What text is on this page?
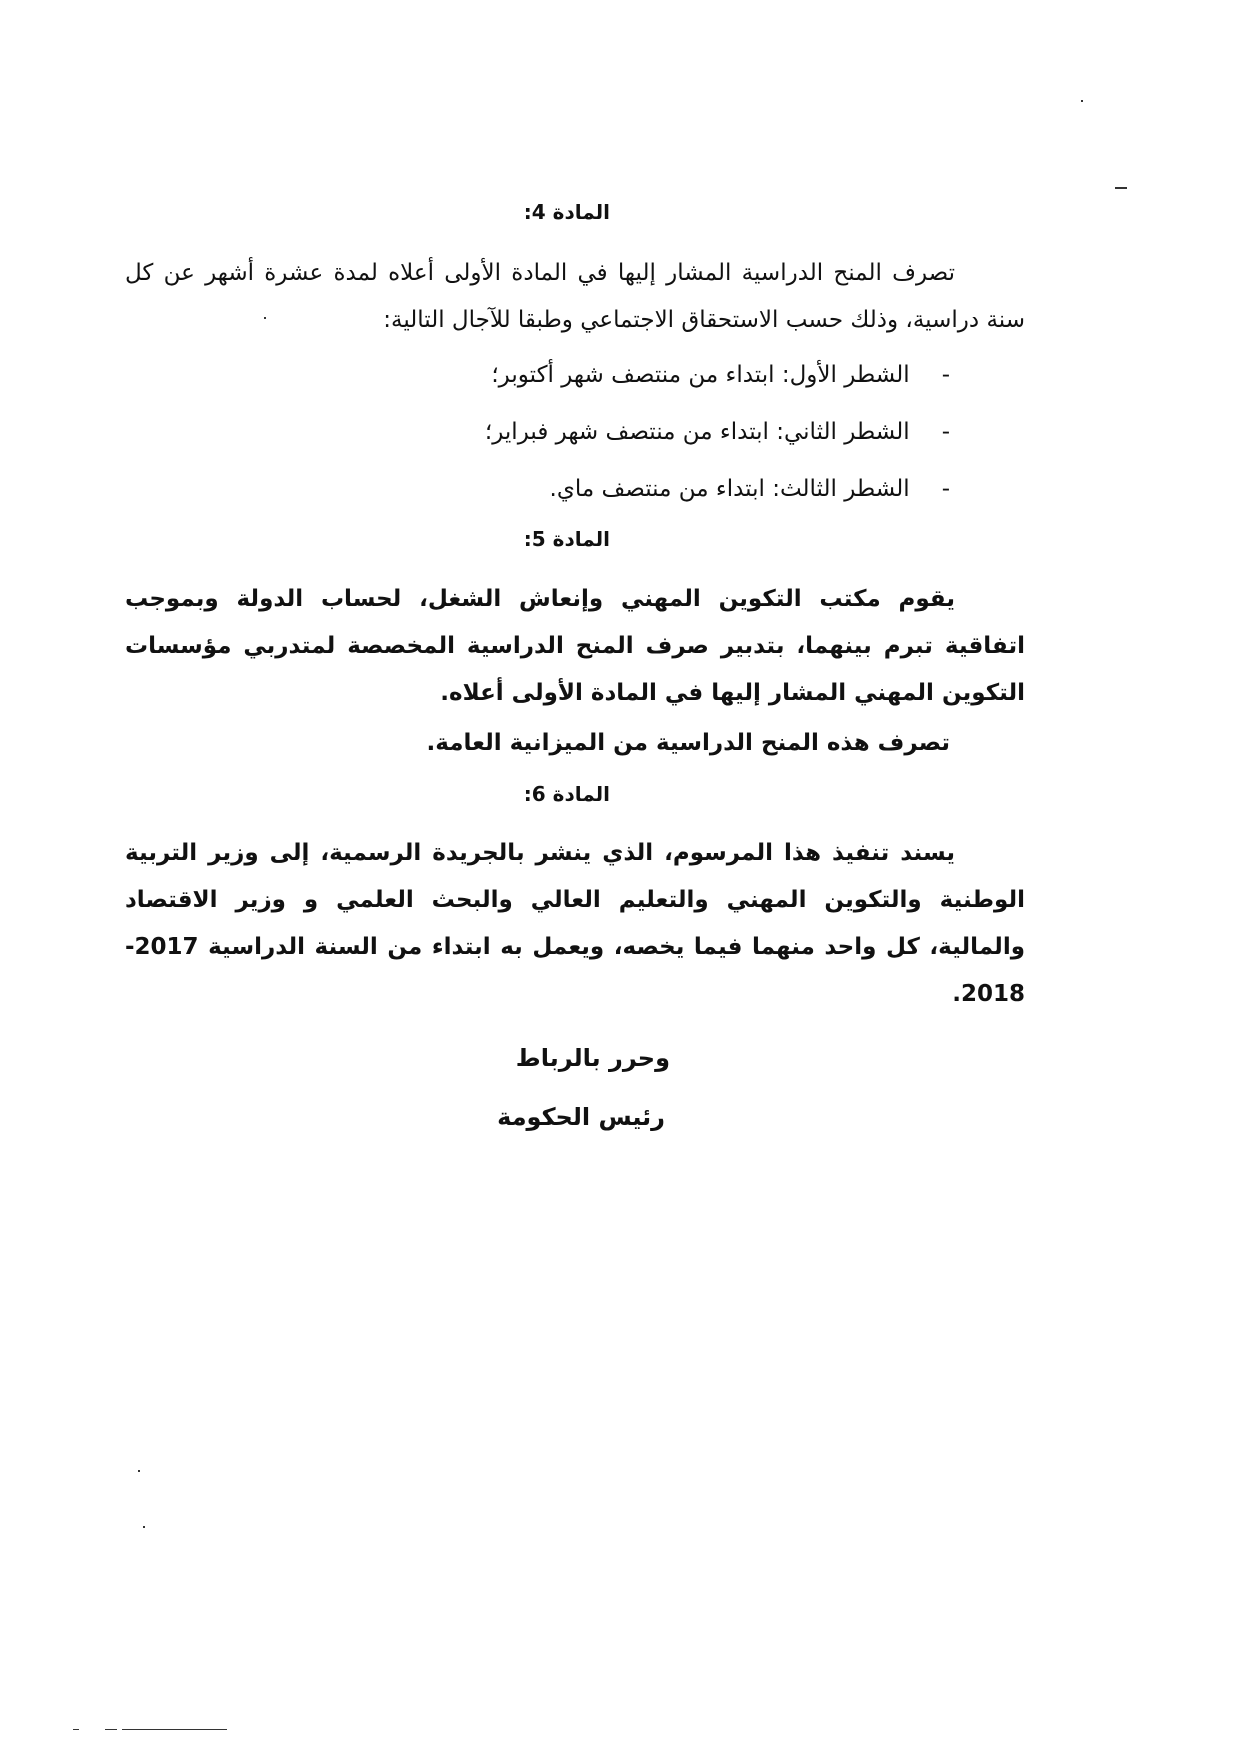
المادة 4:

تصرف المنح الدراسية المشار إليها في المادة الأولى أعلاه لمدة عشرة أشهر عن كل سنة دراسية، وذلك حسب الاستحقاق الاجتماعي وطبقا للآجال التالية:

-
الشطر الأول: ابتداء من منتصف شهر أكتوبر؛
-
الشطر الثاني: ابتداء من منتصف شهر فبراير؛
-
الشطر الثالث: ابتداء من منتصف ماي.
المادة 5:

يقوم مكتب التكوين المهني وإنعاش الشغل، لحساب الدولة وبموجب اتفاقية تبرم بينهما، بتدبير صرف المنح الدراسية المخصصة لمتدربي مؤسسات التكوين المهني المشار إليها في المادة الأولى أعلاه.

تصرف هذه المنح الدراسية من الميزانية العامة.

المادة 6:

يسند تنفيذ هذا المرسوم، الذي ينشر بالجريدة الرسمية، إلى وزير التربية الوطنية والتكوين المهني والتعليم العالي والبحث العلمي و وزير الاقتصاد والمالية، كل واحد منهما فيما يخصه، ويعمل به ابتداء من السنة الدراسية 2017-2018.

وحرر بالرباط
رئيس الحكومة
